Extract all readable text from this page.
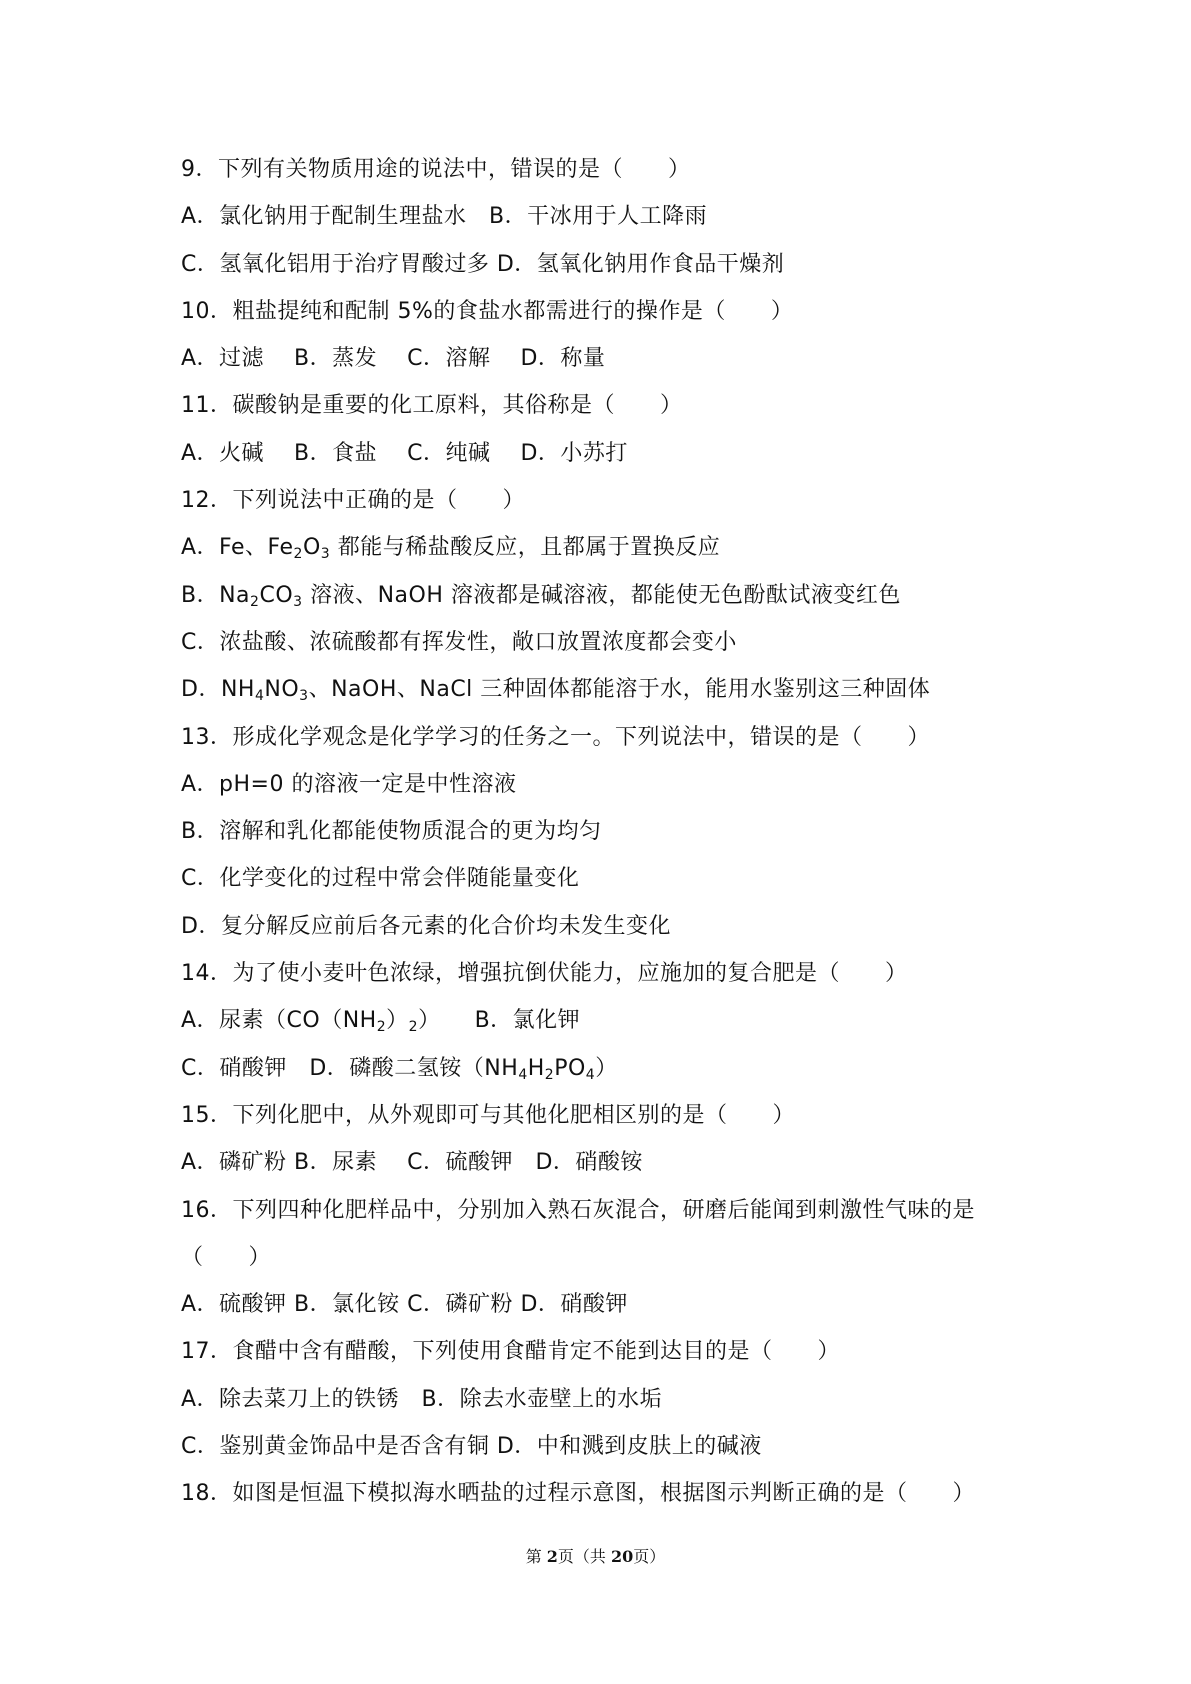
9．下列有关物质用途的说法中，错误的是（　　）
A．氯化钠用于配制生理盐水　B．干冰用于人工降雨
C．氢氧化铝用于治疗胃酸过多 D．氢氧化钠用作食品干燥剂
10．粗盐提纯和配制 5%的食盐水都需进行的操作是（　　）
A．过滤　 B．蒸发　 C．溶解　 D．称量
11．碳酸钠是重要的化工原料，其俗称是（　　）
A．火碱　 B．食盐　 C．纯碱　 D．小苏打
12．下列说法中正确的是（　　）
A．Fe、$Fe_2O_3$ 都能与稀盐酸反应，且都属于置换反应
B．$Na_2CO_3$ 溶液、NaOH 溶液都是碱溶液，都能使无色酚酞试液变红色
C．浓盐酸、浓硫酸都有挥发性，敞口放置浓度都会变小
D．$NH_4NO_3$、NaOH、NaCl 三种固体都能溶于水，能用水鉴别这三种固体
13．形成化学观念是化学学习的任务之一。下列说法中，错误的是（　　）
A．pH=0 的溶液一定是中性溶液
B．溶解和乳化都能使物质混合的更为均匀
C．化学变化的过程中常会伴随能量变化
D．复分解反应前后各元素的化合价均未发生变化
14．为了使小麦叶色浓绿，增强抗倒伏能力，应施加的复合肥是（　　）
A．尿素$(CO(NH_2)_2)$　　B．氯化钾
C．硝酸钾　D．磷酸二氢铵$(NH_4H_2PO_4)$
15．下列化肥中，从外观即可与其他化肥相区别的是（　　）
A．磷矿粉 B．尿素　 C．硫酸钾　D．硝酸铵
16．下列四种化肥样品中，分别加入熟石灰混合，研磨后能闻到刺激性气味的是
（　　）
A．硫酸钾 B．氯化铵 C．磷矿粉 D．硝酸钾
17．食醋中含有醋酸，下列使用食醋肯定不能到达目的是（　　）
A．除去菜刀上的铁锈　B．除去水壶壁上的水垢
C．鉴别黄金饰品中是否含有铜 D．中和溅到皮肤上的碱液
18．如图是恒温下模拟海水晒盐的过程示意图，根据图示判断正确的是（　　）
第 2页（共 20页）
